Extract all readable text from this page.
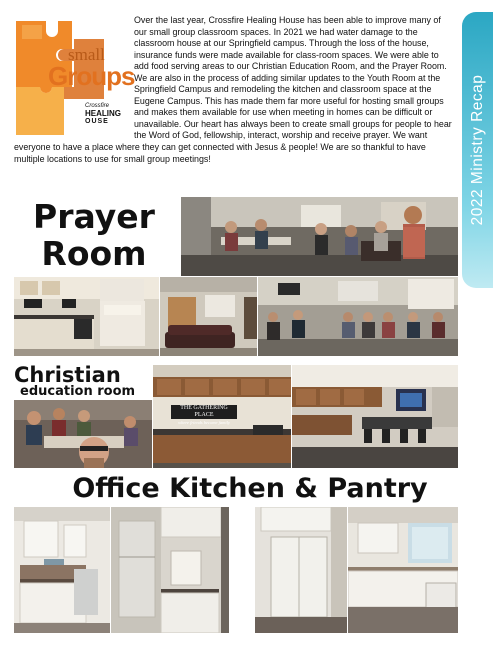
small
Groups
Crossfire
HEALING
OUSE
Over the last year, Crossfire Healing House has been able to improve many of our small group classroom spaces. In 2021 we had water damage to the classroom house at our Springfield campus. Through the loss of the house, insurance funds were made available for class-room spaces. We were able to add food serving areas to our Christian Education Room, and the Prayer Room. We are also in the process of adding similar updates to the Youth Room at the Springfield Campus and remodeling the kitchen and classroom space at the Eugene Campus. This has made them far more useful for hosting small groups and makes them available for use when meeting in homes can be difficult or unavailable. Our heart has always been to create small groups for people to hear the Word of God, fellowship, interact, worship and receive prayer. We want everyone to have a place where they can get connected with Jesus & people! We are so thankful to have multiple locations to use for small group meetings!	2022 Ministry Recap
Prayer
Room
Christian
education room
THE GATHERING PLACE
where friends become family
Office Kitchen & Pantry
